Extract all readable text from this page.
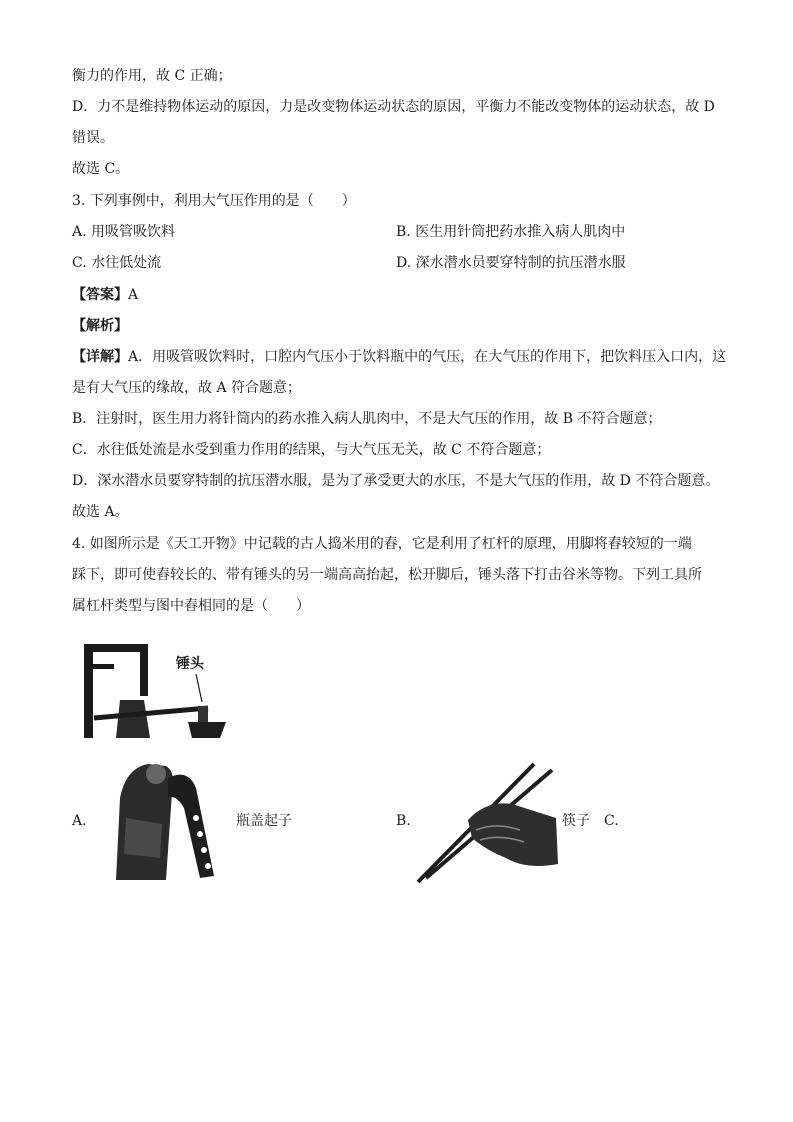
衡力的作用，故 C 正确；
D．力不是维持物体运动的原因，力是改变物体运动状态的原因，平衡力不能改变物体的运动状态，故 D
错误。
故选 C。
3. 下列事例中，利用大气压作用的是（　　）
A. 用吸管吸饮料	B. 医生用针筒把药水推入病人肌肉中
C. 水往低处流	D. 深水潜水员要穿特制的抗压潜水服
【答案】A
【解析】
【详解】A．用吸管吸饮料时，口腔内气压小于饮料瓶中的气压，在大气压的作用下，把饮料压入口内，这
是有大气压的缘故，故 A 符合题意；
B．注射时，医生用力将针筒内的药水推入病人肌肉中，不是大气压的作用，故 B 不符合题意；
C．水往低处流是水受到重力作用的结果，与大气压无关，故 C 不符合题意；
D．深水潜水员要穿特制的抗压潜水服，是为了承受更大的水压，不是大气压的作用，故 D 不符合题意。
故选 A。
4. 如图所示是《天工开物》中记载的古人捣米用的舂，它是利用了杠杆的原理，用脚将舂较短的一端
踩下，即可使舂较长的、带有锤头的另一端高高抬起，松开脚后，锤头落下打击谷米等物。下列工具所
属杠杆类型与图中舂相同的是（　　）
锤头
A.	瓶盖起子	B.	筷子 C.
